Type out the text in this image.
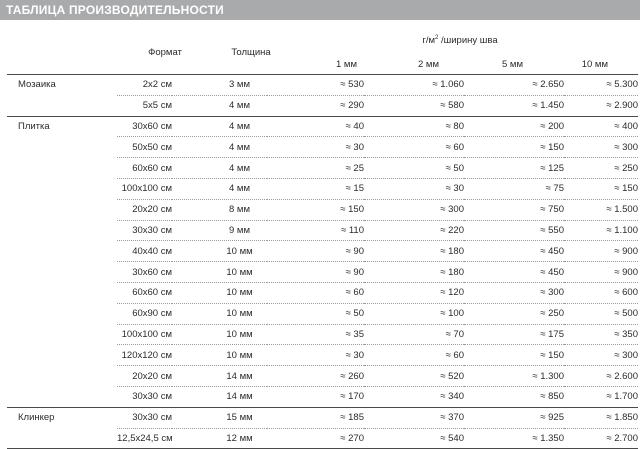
ТАБЛИЦА ПРОИЗВОДИТЕЛЬНОСТИ
Формат	Толщина
$г/м^2$ /ширину шва
1 мм	2 мм	5 мм	10 мм
Мозаика	2x2 см	3 мм	≈ 530	≈ 1.060	≈ 2.650	≈ 5.300
	5x5 см	4 мм	≈ 290	≈ 580	≈ 1.450	≈ 2.900
Плитка	30x60 см	4 мм	≈ 40	≈ 80	≈ 200	≈ 400
	50x50 см	4 мм	≈ 30	≈ 60	≈ 150	≈ 300
	60x60 см	4 мм	≈ 25	≈ 50	≈ 125	≈ 250
	100x100 см	4 мм	≈ 15	≈ 30	≈ 75	≈ 150
	20x20 см	8 мм	≈ 150	≈ 300	≈ 750	≈ 1.500
	30x30 см	9 мм	≈ 110	≈ 220	≈ 550	≈ 1.100
	40x40 см	10 мм	≈ 90	≈ 180	≈ 450	≈ 900
	30x60 см	10 мм	≈ 90	≈ 180	≈ 450	≈ 900
	60x60 см	10 мм	≈ 60	≈ 120	≈ 300	≈ 600
	60x90 см	10 мм	≈ 50	≈ 100	≈ 250	≈ 500
	100x100 см	10 мм	≈ 35	≈ 70	≈ 175	≈ 350
	120x120 см	10 мм	≈ 30	≈ 60	≈ 150	≈ 300
	20x20 см	14 мм	≈ 260	≈ 520	≈ 1.300	≈ 2.600
	30x30 см	14 мм	≈ 170	≈ 340	≈ 850	≈ 1.700
Клинкер	30x30 см	15 мм	≈ 185	≈ 370	≈ 925	≈ 1.850
	12,5x24,5 см	12 мм	≈ 270	≈ 540	≈ 1.350	≈ 2.700
